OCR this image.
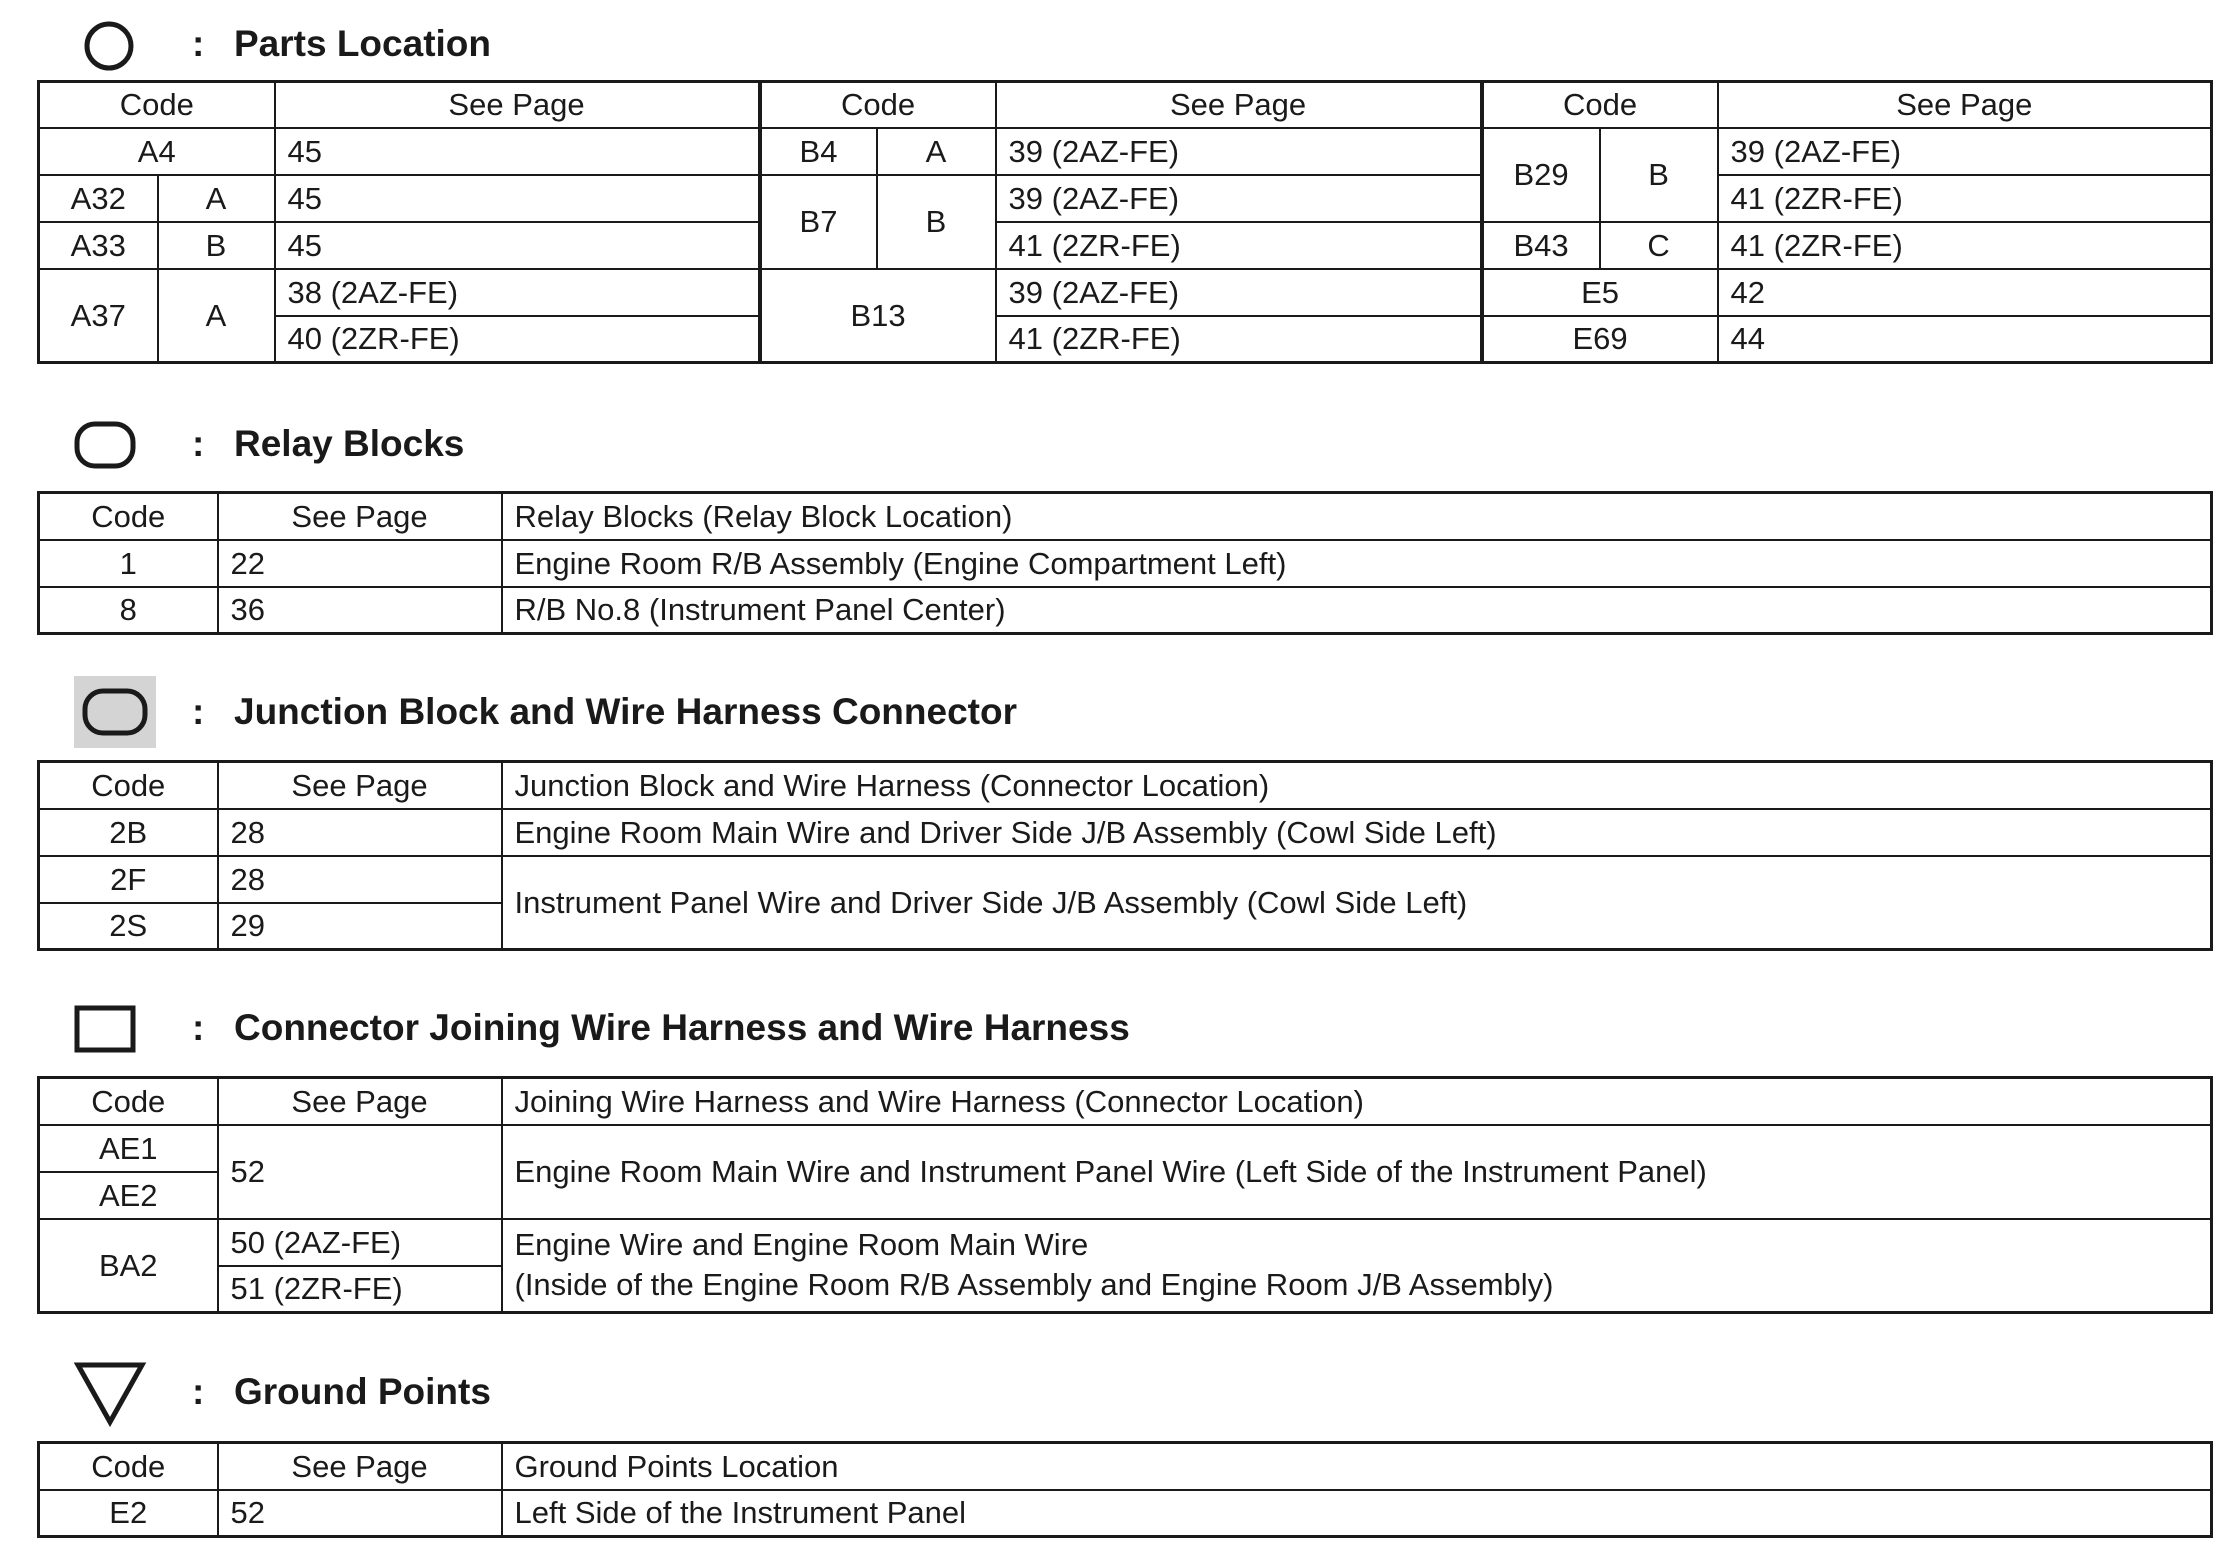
: Parts Location
Code		See Page	Code		See Page	Code		See Page
A4		45	B4	A	39 (2AZ-FE)	B29	B	39 (2AZ-FE)
A32	A	45	B7	B	39 (2AZ-FE)			41 (2ZR-FE)
A33	B	45			41 (2ZR-FE)	B43	C	41 (2ZR-FE)
A37	A	38 (2AZ-FE)	B13		39 (2AZ-FE)	E5		42
		40 (2ZR-FE)			41 (2ZR-FE)	E69		44
: Relay Blocks
Code	See Page	Relay Blocks (Relay Block Location)
1	22	Engine Room R/B Assembly (Engine Compartment Left)
8	36	R/B No.8 (Instrument Panel Center)
: Junction Block and Wire Harness Connector
Code	See Page	Junction Block and Wire Harness (Connector Location)
2B	28	Engine Room Main Wire and Driver Side J/B Assembly (Cowl Side Left)
2F	28	Instrument Panel Wire and Driver Side J/B Assembly (Cowl Side Left)
2S	29	
: Connector Joining Wire Harness and Wire Harness
Code	See Page	Joining Wire Harness and Wire Harness (Connector Location)
AE1	52	Engine Room Main Wire and Instrument Panel Wire (Left Side of the Instrument Panel)
AE2		
BA2	50 (2AZ-FE)	Engine Wire and Engine Room Main Wire
(Inside of the Engine Room R/B Assembly and Engine Room J/B Assembly)

	51 (2ZR-FE)	
: Ground Points
Code	See Page	Ground Points Location
E2	52	Left Side of the Instrument Panel
